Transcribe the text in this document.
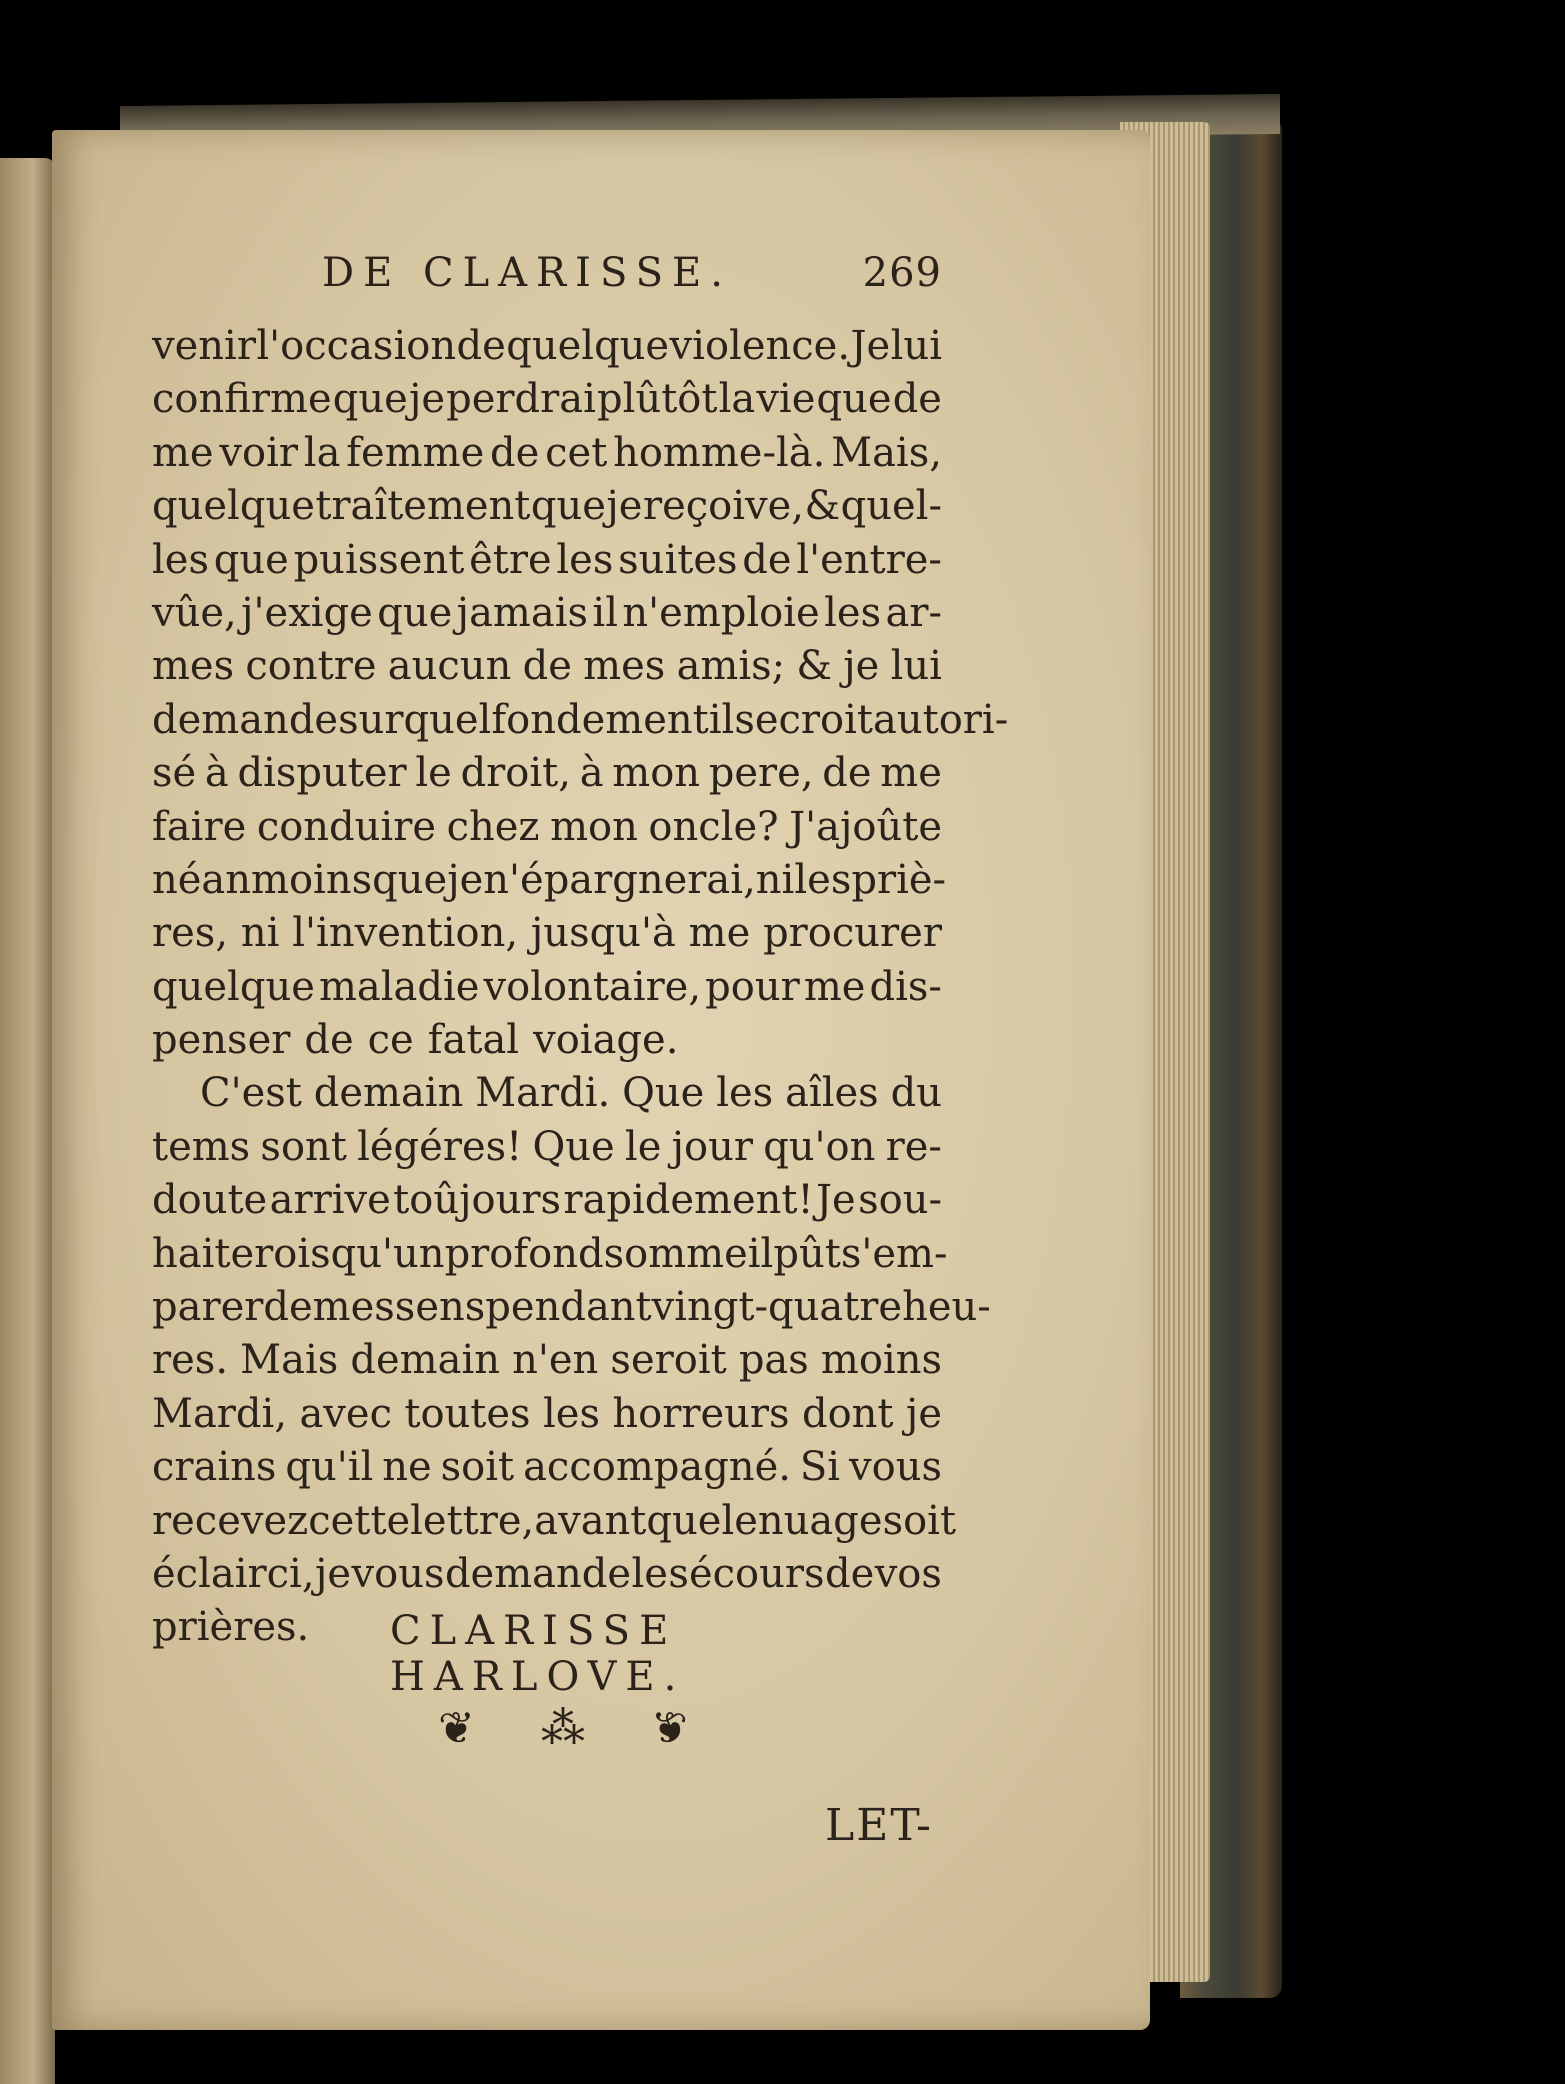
DE CLARISSE.	269
venir l'occasion de quelque violence. Je lui
confirme que je perdrai plûtôt la vie que de
me voir la femme de cet homme-là. Mais,
quelque traîtement que je reçoive, & quel-
les que puissent être les suites de l'entre-
vûe, j'exige que jamais il n'emploie les ar-
mes contre aucun de mes amis; & je lui
demande sur quel fondement il se croit autori-
sé à disputer le droit, à mon pere, de me
faire conduire chez mon oncle? J'ajoûte
néanmoins que je n'épargnerai, ni les priè-
res, ni l'invention, jusqu'à me procurer
quelque maladie volontaire, pour me dis-
penser de ce fatal voiage.
C'est demain Mardi. Que les aîles du
tems sont légéres! Que le jour qu'on re-
doute arrive toûjours rapidement! Je sou-
haiterois qu'un profond sommeil pût s'em-
parer de mes sens pendant vingt-quatre heu-
res. Mais demain n'en seroit pas moins
Mardi, avec toutes les horreurs dont je
crains qu'il ne soit accompagné. Si vous
recevez cette lettre, avant que le nuage soit
éclairci, je vous demande le sécours de vos
prières. CLARISSE HARLOVE.
❦ ⁂ ❦
LET-
